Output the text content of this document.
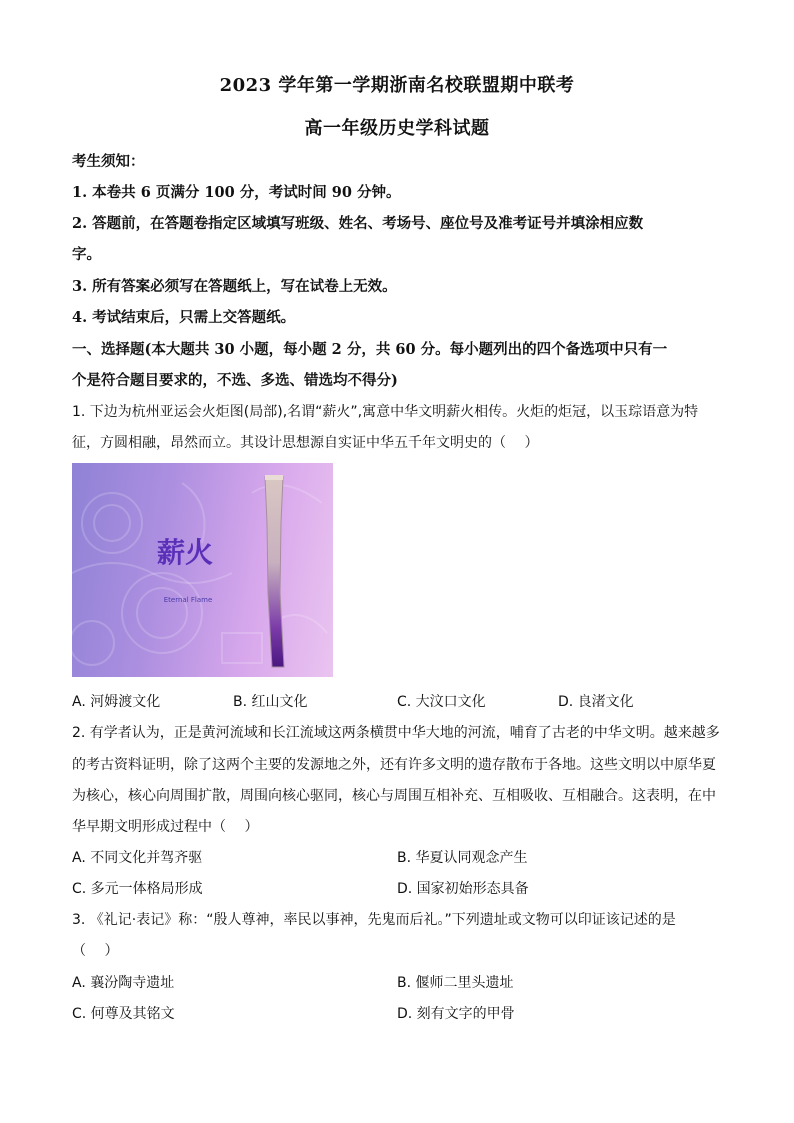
2023 学年第一学期浙南名校联盟期中联考
高一年级历史学科试题
考生须知：
1. 本卷共 6 页满分 100 分，考试时间 90 分钟。
2. 答题前，在答题卷指定区域填写班级、姓名、考场号、座位号及准考证号并填涂相应数
字。
3. 所有答案必须写在答题纸上，写在试卷上无效。
4. 考试结束后，只需上交答题纸。
一、选择题(本大题共 30 小题，每小题 2 分，共 60 分。每小题列出的四个备选项中只有一
个是符合题目要求的，不选、多选、错选均不得分)
1. 下边为杭州亚运会火炬图(局部),名谓“薪火”,寓意中华文明薪火相传。火炬的炬冠，以玉琮语意为特
征，方圆相融，昂然而立。其设计思想源自实证中华五千年文明史的（　 ）
薪火
Eternal Flame
A. 河姆渡文化	B. 红山文化	C. 大汶口文化	D. 良渚文化
2. 有学者认为，正是黄河流域和长江流域这两条横贯中华大地的河流，哺育了古老的中华文明。越来越多
的考古资料证明，除了这两个主要的发源地之外，还有许多文明的遗存散布于各地。这些文明以中原华夏
为核心，核心向周围扩散，周围向核心驱同，核心与周围互相补充、互相吸收、互相融合。这表明，在中
华早期文明形成过程中（　 ）
A. 不同文化并驾齐驱	B. 华夏认同观念产生
C. 多元一体格局形成	D. 国家初始形态具备
3. 《礼记·表记》称：“殷人尊神，率民以事神，先鬼而后礼。”下列遗址或文物可以印证该记述的是
（　 ）
A. 襄汾陶寺遗址	B. 偃师二里头遗址
C. 何尊及其铭文	D. 刻有文字的甲骨
